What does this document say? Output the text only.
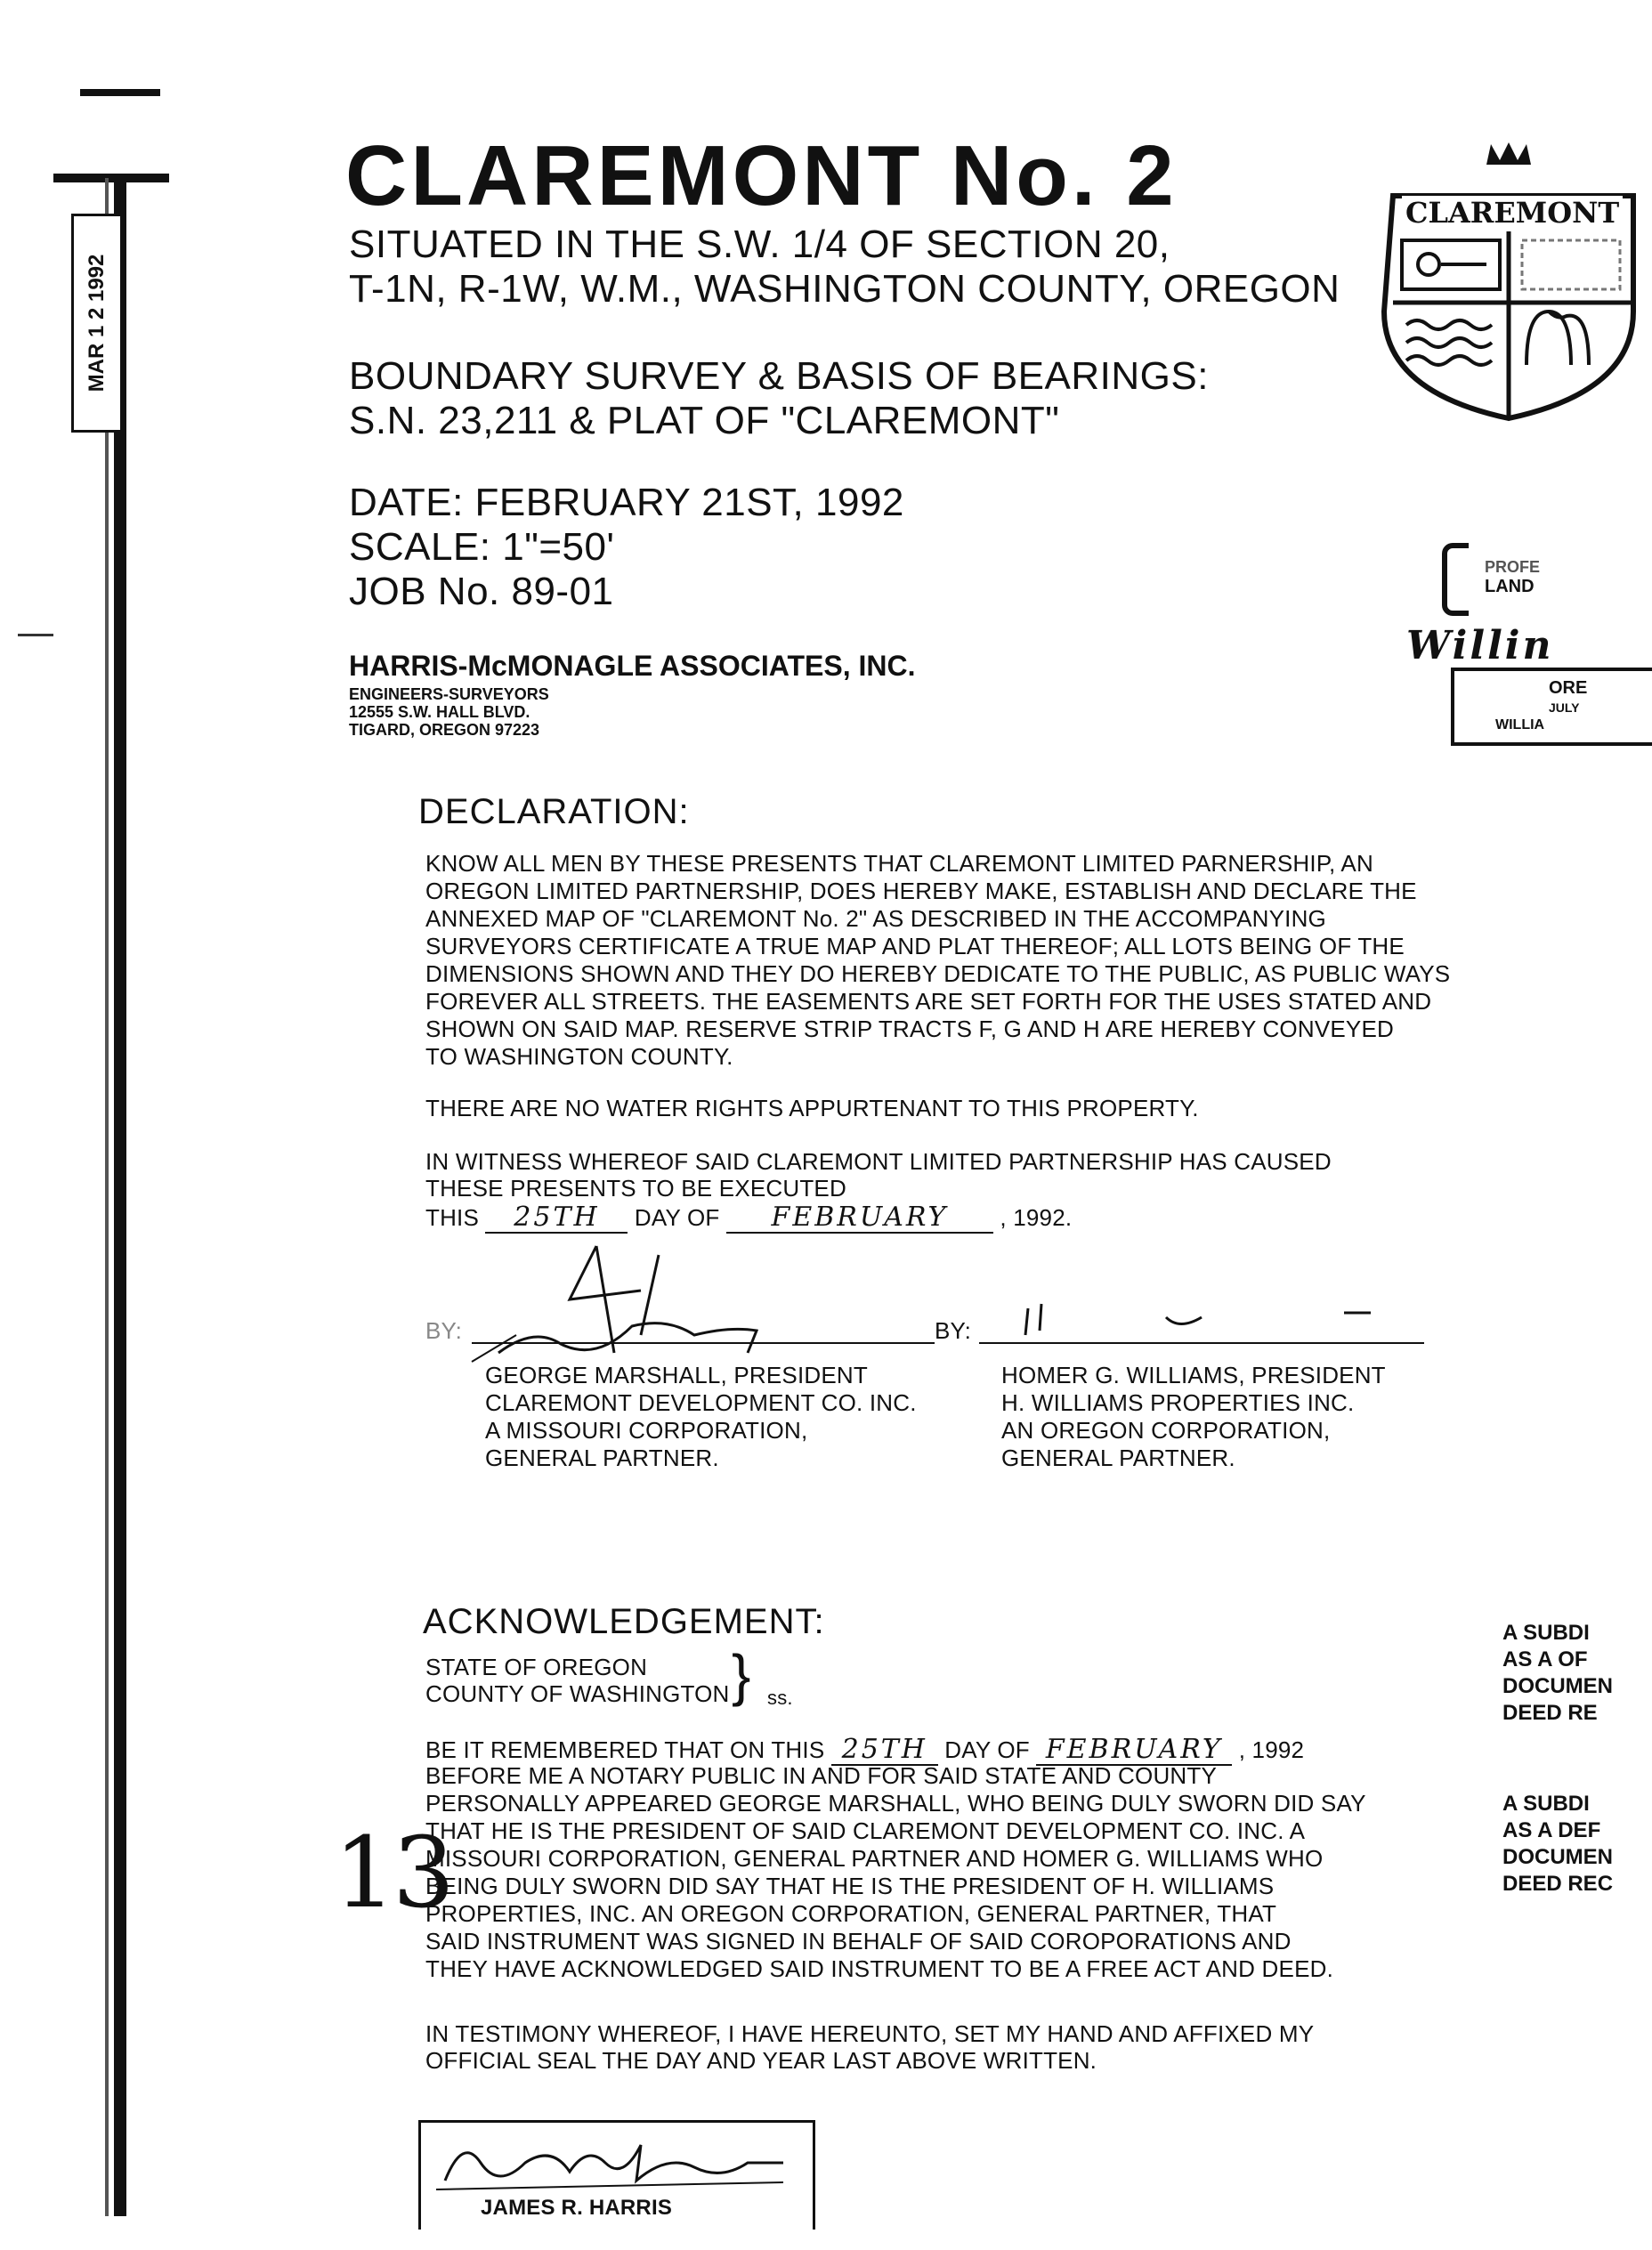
MAR 1 2 1992
CLAREMONT No. 2
SITUATED IN THE S.W. 1/4 OF SECTION 20,
T-1N, R-1W, W.M., WASHINGTON COUNTY, OREGON
BOUNDARY SURVEY & BASIS OF BEARINGS:
S.N. 23,211 & PLAT OF "CLAREMONT"
DATE: FEBRUARY 21ST, 1992
SCALE: 1"=50'
JOB No. 89-01
HARRIS-McMONAGLE ASSOCIATES, INC.
ENGINEERS-SURVEYORS
12555 S.W. HALL BLVD.
TIGARD, OREGON 97223
CLAREMONT
PROFE
LAND
Willin
ORE
JULY
WILLIA
DECLARATION:
KNOW ALL MEN BY THESE PRESENTS THAT CLAREMONT LIMITED PARNERSHIP, AN
OREGON LIMITED PARTNERSHIP, DOES HEREBY MAKE, ESTABLISH AND DECLARE THE
ANNEXED MAP OF "CLAREMONT No. 2" AS DESCRIBED IN THE ACCOMPANYING
SURVEYORS CERTIFICATE A TRUE MAP AND PLAT THEREOF; ALL LOTS BEING OF THE
DIMENSIONS SHOWN AND THEY DO HEREBY DEDICATE TO THE PUBLIC, AS PUBLIC WAYS
FOREVER ALL STREETS. THE EASEMENTS ARE SET FORTH FOR THE USES STATED AND
SHOWN ON SAID MAP. RESERVE STRIP TRACTS F, G AND H ARE HEREBY CONVEYED
TO WASHINGTON COUNTY.
THERE ARE NO WATER RIGHTS APPURTENANT TO THIS PROPERTY.
IN WITNESS WHEREOF SAID CLAREMONT LIMITED PARTNERSHIP HAS CAUSED
THESE PRESENTS TO BE EXECUTED
THIS 25TH DAY OF FEBRUARY , 1992.
BY:	BY:
GEORGE MARSHALL, PRESIDENT
CLAREMONT DEVELOPMENT CO. INC.
A MISSOURI CORPORATION,
GENERAL PARTNER.
HOMER G. WILLIAMS, PRESIDENT
H. WILLIAMS PROPERTIES INC.
AN OREGON CORPORATION,
GENERAL PARTNER.
ACKNOWLEDGEMENT:
STATE OF OREGON
COUNTY OF WASHINGTON } ss.
BE IT REMEMBERED THAT ON THIS 25TH DAY OF FEBRUARY , 1992
BEFORE ME A NOTARY PUBLIC IN AND FOR SAID STATE AND COUNTY
PERSONALLY APPEARED GEORGE MARSHALL, WHO BEING DULY SWORN DID SAY
THAT HE IS THE PRESIDENT OF SAID CLAREMONT DEVELOPMENT CO. INC. A
MISSOURI CORPORATION, GENERAL PARTNER AND HOMER G. WILLIAMS WHO
BEING DULY SWORN DID SAY THAT HE IS THE PRESIDENT OF H. WILLIAMS
PROPERTIES, INC. AN OREGON CORPORATION, GENERAL PARTNER, THAT
SAID INSTRUMENT WAS SIGNED IN BEHALF OF SAID COROPORATIONS AND
THEY HAVE ACKNOWLEDGED SAID INSTRUMENT TO BE A FREE ACT AND DEED.
13
IN TESTIMONY WHEREOF, I HAVE HEREUNTO, SET MY HAND AND AFFIXED MY
OFFICIAL SEAL THE DAY AND YEAR LAST ABOVE WRITTEN.
JAMES R. HARRIS
A SUBDI
AS A OF
DOCUMEN
DEED RE
A SUBDI
AS A DEF
DOCUMEN
DEED REC
